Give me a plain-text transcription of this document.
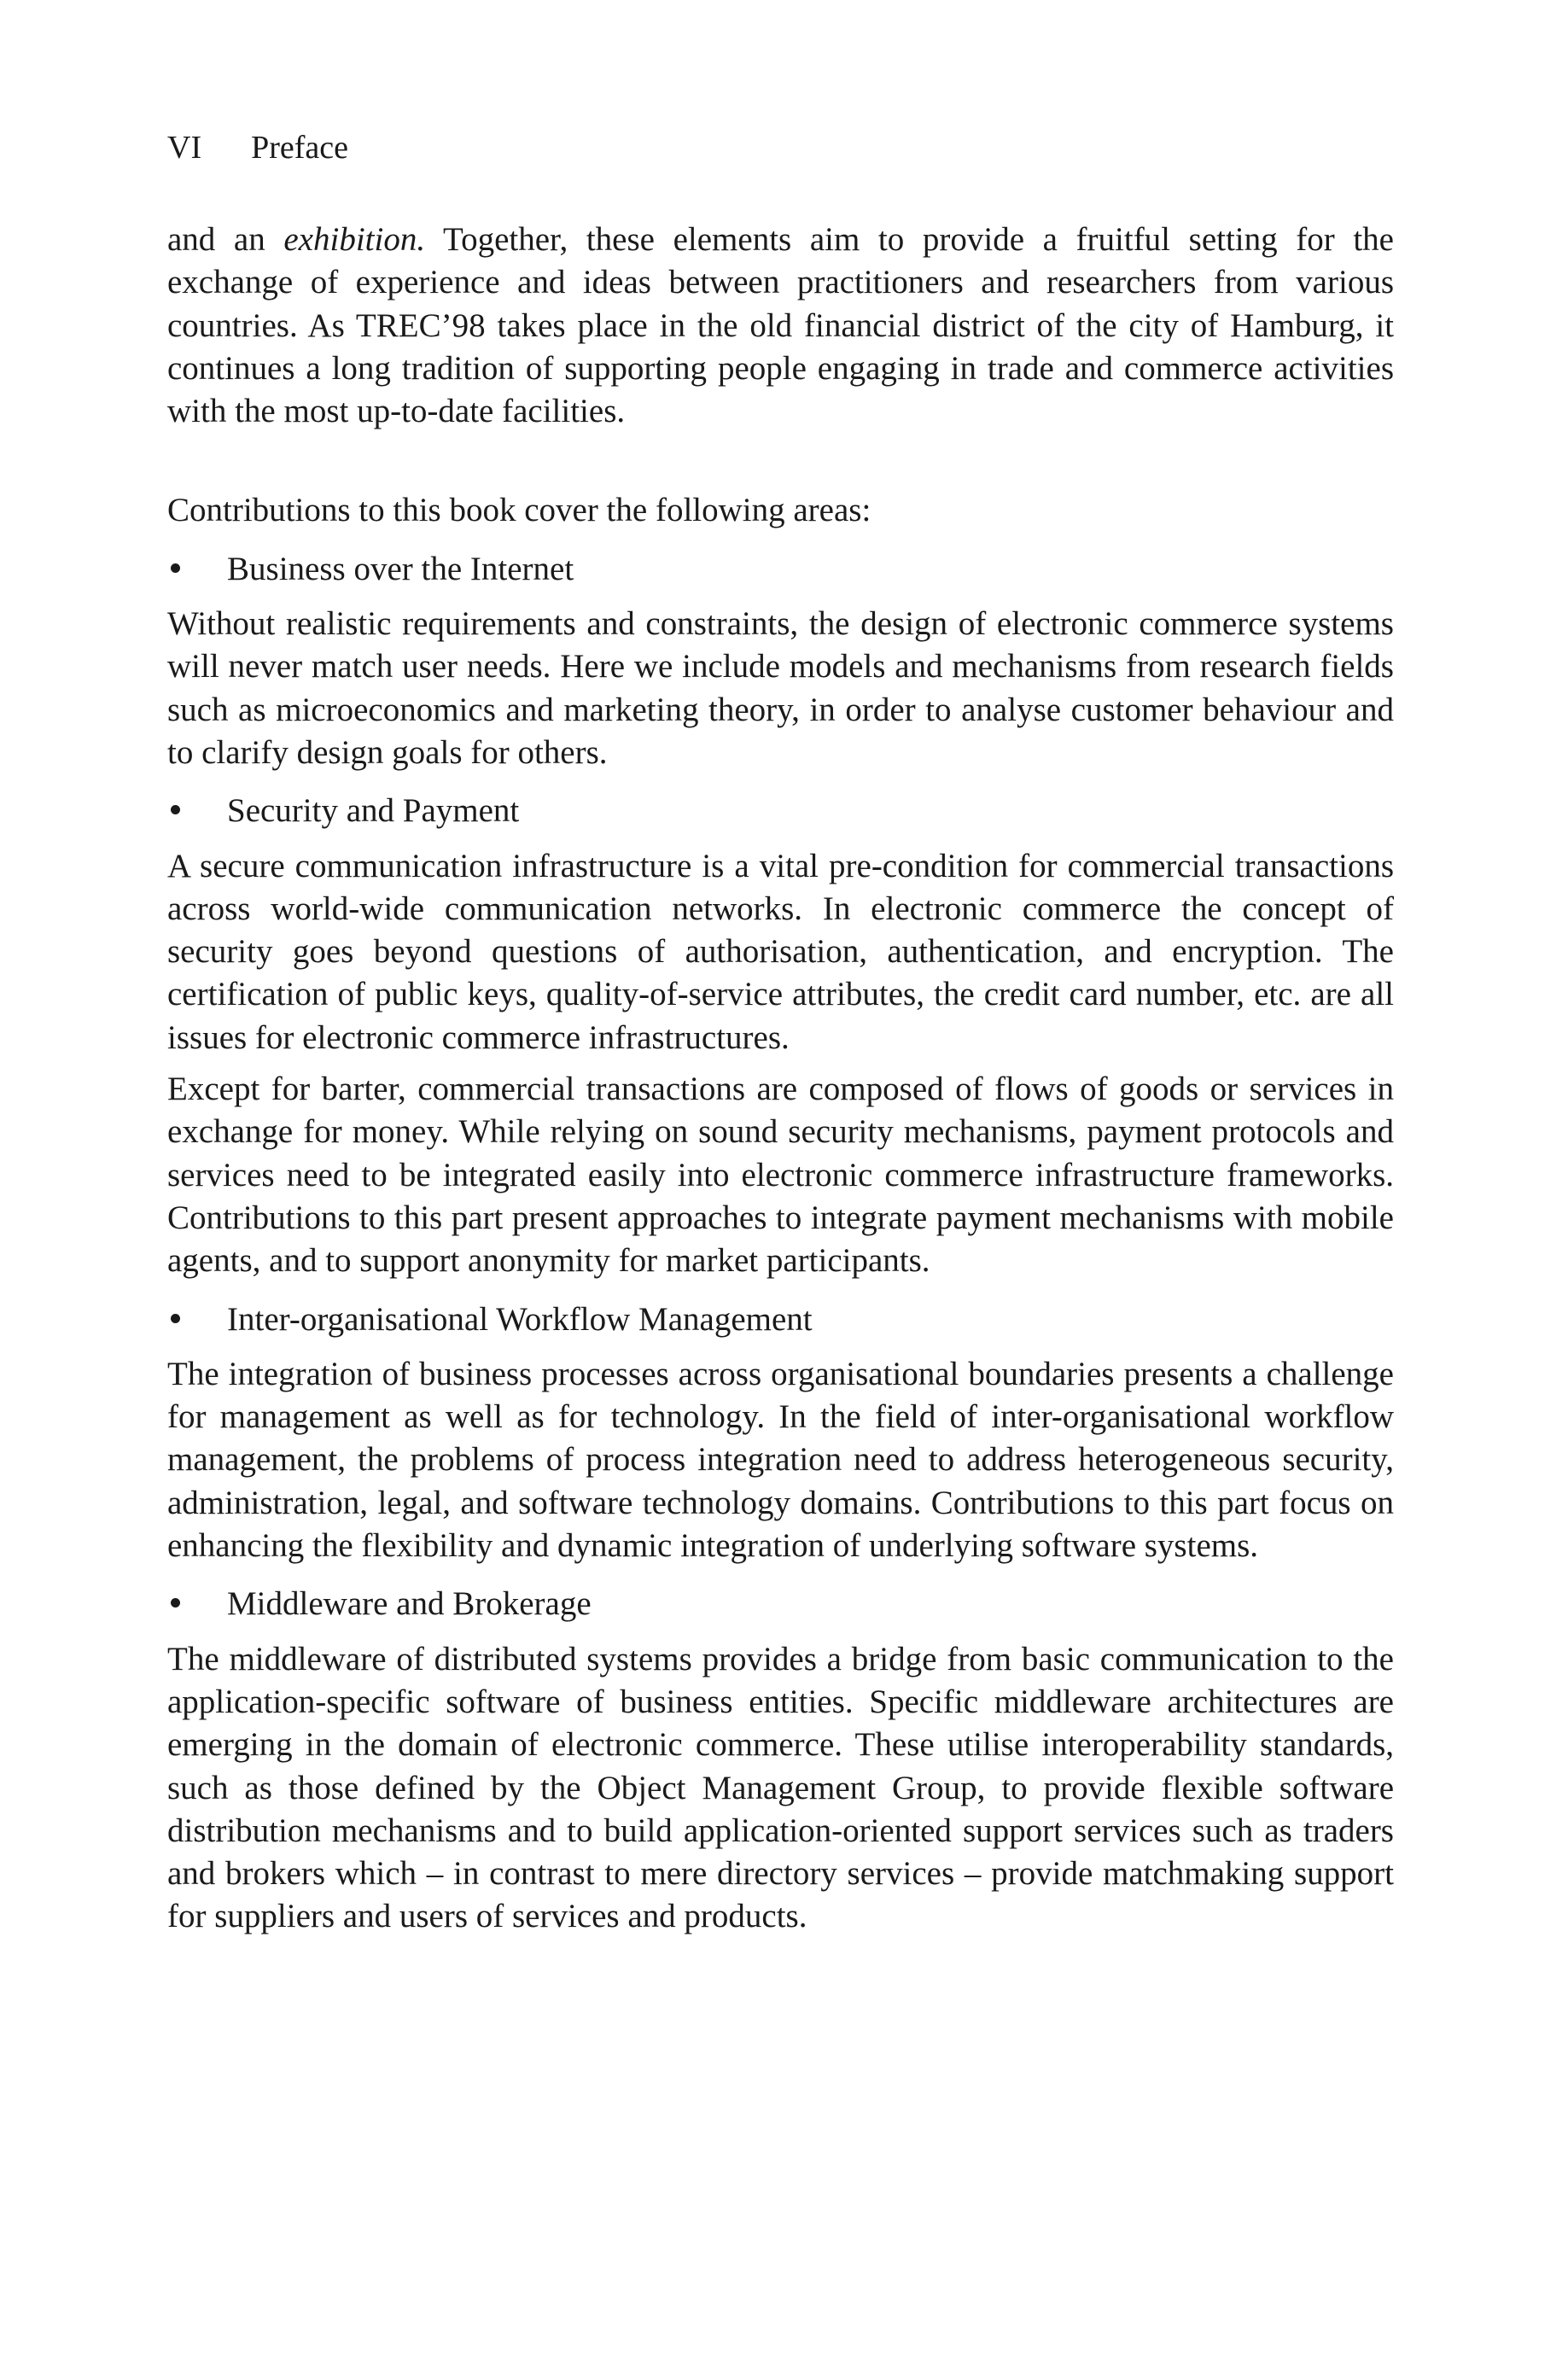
VI Preface

and an exhibition. Together, these elements aim to provide a fruitful setting for the exchange of experience and ideas between practitioners and researchers from various countries. As TREC’98 takes place in the old financial district of the city of Hamburg, it continues a long tradition of supporting people engaging in trade and commerce activities with the most up-to-date facilities.

Contributions to this book cover the following areas:

Business over the Internet

Without realistic requirements and constraints, the design of electronic commerce systems will never match user needs. Here we include models and mechanisms from research fields such as microeconomics and marketing theory, in order to analyse customer behaviour and to clarify design goals for others.

Security and Payment

A secure communication infrastructure is a vital pre-condition for commercial transactions across world-wide communication networks. In electronic commerce the concept of security goes beyond questions of authorisation, authentication, and encryption. The certification of public keys, quality-of-service attributes, the credit card number, etc. are all issues for electronic commerce infrastructures.

Except for barter, commercial transactions are composed of flows of goods or services in exchange for money. While relying on sound security mechanisms, payment protocols and services need to be integrated easily into electronic commerce infrastructure frameworks. Contributions to this part present approaches to integrate payment mechanisms with mobile agents, and to support anonymity for market participants.

Inter-organisational Workflow Management

The integration of business processes across organisational boundaries presents a challenge for management as well as for technology. In the field of inter-organisational workflow management, the problems of process integration need to address heterogeneous security, administration, legal, and software technology domains. Contributions to this part focus on enhancing the flexibility and dynamic integration of underlying software systems.

Middleware and Brokerage

The middleware of distributed systems provides a bridge from basic communication to the application-specific software of business entities. Specific middleware architectures are emerging in the domain of electronic commerce. These utilise interoperability standards, such as those defined by the Object Management Group, to provide flexible software distribution mechanisms and to build application-oriented support services such as traders and brokers which – in contrast to mere directory services – provide matchmaking support for suppliers and users of services and products.
